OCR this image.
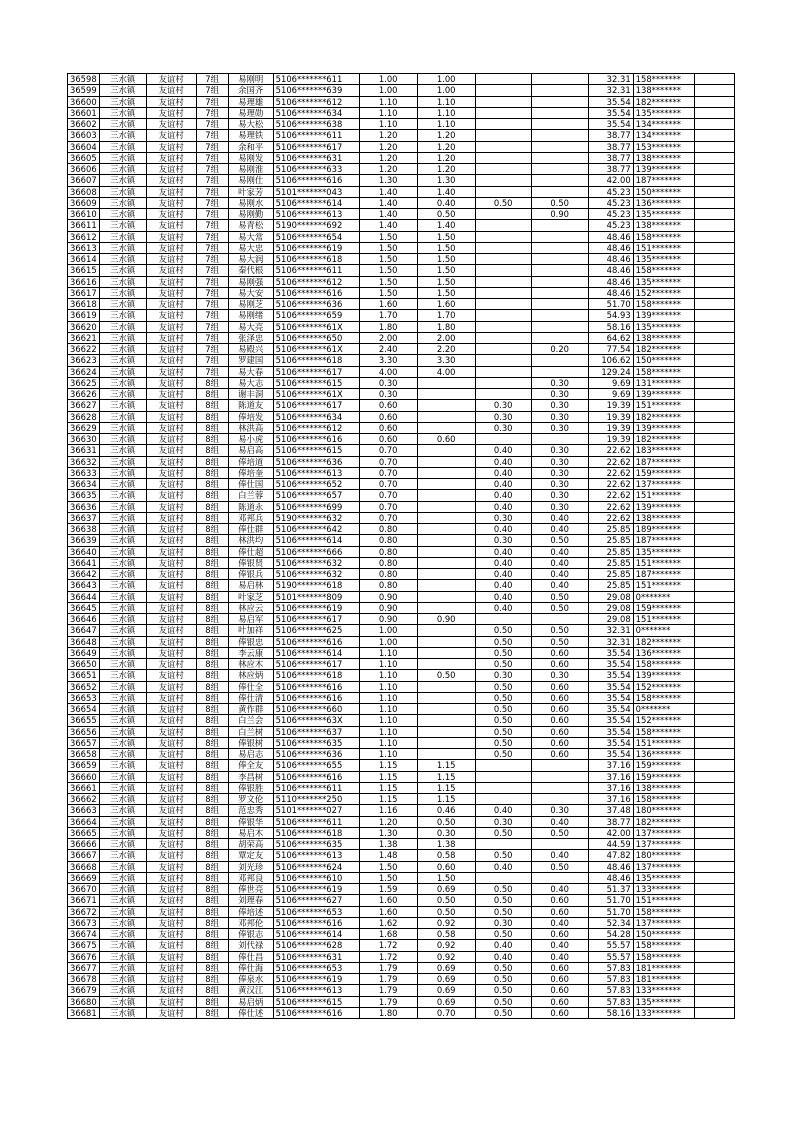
36598	三水镇	友谊村	7组	易刚明	5106*******611	1.00	1.00			32.31	158*******	
36599	三水镇	友谊村	7组	余国齐	5106*******639	1.00	1.00			32.31	138*******	
36600	三水镇	友谊村	7组	易理雄	5106*******612	1.10	1.10			35.54	182*******	
36601	三水镇	友谊村	7组	易理勋	5106*******634	1.10	1.10			35.54	135*******	
36602	三水镇	友谊村	7组	易大松	5106*******638	1.10	1.10			35.54	134*******	
36603	三水镇	友谊村	7组	易理铁	5106*******611	1.20	1.20			38.77	134*******	
36604	三水镇	友谊村	7组	余和平	5106*******617	1.20	1.20			38.77	153*******	
36605	三水镇	友谊村	7组	易刚发	5106*******631	1.20	1.20			38.77	138*******	
36606	三水镇	友谊村	7组	易刚淮	5106*******633	1.20	1.20			38.77	139*******	
36607	三水镇	友谊村	7组	易刚仕	5106*******616	1.30	1.30			42.00	187*******	
36608	三水镇	友谊村	7组	叶家芳	5101*******043	1.40	1.40			45.23	150*******	
36609	三水镇	友谊村	7组	易刚水	5106*******614	1.40	0.40	0.50	0.50	45.23	136*******	
36610	三水镇	友谊村	7组	易刚勤	5106*******613	1.40	0.50		0.90	45.23	135*******	
36611	三水镇	友谊村	7组	易青松	5190*******692	1.40	1.40			45.23	138*******	
36612	三水镇	友谊村	7组	易大常	5106*******654	1.50	1.50			48.46	158*******	
36613	三水镇	友谊村	7组	易大忠	5106*******619	1.50	1.50			48.46	151*******	
36614	三水镇	友谊村	7组	易大润	5106*******618	1.50	1.50			48.46	135*******	
36615	三水镇	友谊村	7组	秦代根	5106*******611	1.50	1.50			48.46	158*******	
36616	三水镇	友谊村	7组	易刚强	5106*******612	1.50	1.50			48.46	135*******	
36617	三水镇	友谊村	7组	易大安	5106*******616	1.50	1.50			48.46	152*******	
36618	三水镇	友谊村	7组	易刚芝	5106*******636	1.60	1.60			51.70	158*******	
36619	三水镇	友谊村	7组	易刚绪	5106*******659	1.70	1.70			54.93	139*******	
36620	三水镇	友谊村	7组	易大亮	5106*******61X	1.80	1.80			58.16	135*******	
36621	三水镇	友谊村	7组	张泽忠	5106*******650	2.00	2.00			64.62	138*******	
36622	三水镇	友谊村	7组	易殿兴	5106*******61X	2.40	2.20		0.20	77.54	182*******	
36623	三水镇	友谊村	7组	罗建国	5106*******618	3.30	3.30			106.62	150*******	
36624	三水镇	友谊村	7组	易大春	5106*******617	4.00	4.00			129.24	158*******	
36625	三水镇	友谊村	8组	易大志	5106*******615	0.30			0.30	9.69	131*******	
36626	三水镇	友谊村	8组	谢丰洞	5106*******61X	0.30			0.30	9.69	139*******	
36627	三水镇	友谊村	8组	陈道友	5106*******617	0.60		0.30	0.30	19.39	151*******	
36628	三水镇	友谊村	8组	俸培发	5106*******634	0.60		0.30	0.30	19.39	182*******	
36629	三水镇	友谊村	8组	林洪高	5106*******612	0.60		0.30	0.30	19.39	139*******	
36630	三水镇	友谊村	8组	易小虎	5106*******616	0.60	0.60			19.39	182*******	
36631	三水镇	友谊村	8组	易启高	5106*******615	0.70		0.40	0.30	22.62	183*******	
36632	三水镇	友谊村	8组	俸培道	5106*******636	0.70		0.40	0.30	22.62	187*******	
36633	三水镇	友谊村	8组	俸培奎	5106*******613	0.70		0.40	0.30	22.62	159*******	
36634	三水镇	友谊村	8组	俸仕国	5106*******652	0.70		0.40	0.30	22.62	137*******	
36635	三水镇	友谊村	8组	白兰蓉	5106*******657	0.70		0.40	0.30	22.62	151*******	
36636	三水镇	友谊村	8组	陈道永	5106*******699	0.70		0.40	0.30	22.62	139*******	
36637	三水镇	友谊村	8组	邓邦兵	5190*******632	0.70		0.30	0.40	22.62	138*******	
36638	三水镇	友谊村	8组	俸仕群	5106*******642	0.80		0.40	0.40	25.85	189*******	
36639	三水镇	友谊村	8组	林洪均	5106*******614	0.80		0.30	0.50	25.85	187*******	
36640	三水镇	友谊村	8组	俸仕超	5106*******666	0.80		0.40	0.40	25.85	135*******	
36641	三水镇	友谊村	8组	俸银贤	5106*******632	0.80		0.40	0.40	25.85	151*******	
36642	三水镇	友谊村	8组	俸银兵	5106*******632	0.80		0.40	0.40	25.85	187*******	
36643	三水镇	友谊村	8组	易启林	5190*******618	0.80		0.40	0.40	25.85	151*******	
36644	三水镇	友谊村	8组	叶家芝	5101*******809	0.90		0.40	0.50	29.08	0*******	
36645	三水镇	友谊村	8组	林应云	5106*******619	0.90		0.40	0.50	29.08	159*******	
36646	三水镇	友谊村	8组	易启军	5106*******617	0.90	0.90			29.08	151*******	
36647	三水镇	友谊村	8组	叶加祥	5106*******625	1.00		0.50	0.50	32.31	0*******	
36648	三水镇	友谊村	8组	俸银忠	5106*******616	1.00		0.50	0.50	32.31	182*******	
36649	三水镇	友谊村	8组	李云康	5106*******614	1.10		0.50	0.60	35.54	136*******	
36650	三水镇	友谊村	8组	林应木	5106*******617	1.10		0.50	0.60	35.54	158*******	
36651	三水镇	友谊村	8组	林应炳	5106*******618	1.10	0.50	0.30	0.30	35.54	139*******	
36652	三水镇	友谊村	8组	俸仕全	5106*******616	1.10		0.50	0.60	35.54	152*******	
36653	三水镇	友谊村	8组	俸仕清	5106*******616	1.10		0.50	0.60	35.54	158*******	
36654	三水镇	友谊村	8组	黄作群	5106*******660	1.10		0.50	0.60	35.54	0*******	
36655	三水镇	友谊村	8组	白兰会	5106*******63X	1.10		0.50	0.60	35.54	152*******	
36656	三水镇	友谊村	8组	白兰树	5106*******637	1.10		0.50	0.60	35.54	158*******	
36657	三水镇	友谊村	8组	俸银树	5106*******635	1.10		0.50	0.60	35.54	151*******	
36658	三水镇	友谊村	8组	易启志	5106*******636	1.10		0.50	0.60	35.54	136*******	
36659	三水镇	友谊村	8组	俸全友	5106*******655	1.15	1.15			37.16	159*******	
36660	三水镇	友谊村	8组	李昌树	5106*******616	1.15	1.15			37.16	159*******	
36661	三水镇	友谊村	8组	俸银胜	5106*******611	1.15	1.15			37.16	138*******	
36662	三水镇	友谊村	8组	罗文伦	5110*******250	1.15	1.15			37.16	158*******	
36663	三水镇	友谊村	8组	范忠秀	5101*******027	1.16	0.46	0.40	0.30	37.48	180*******	
36664	三水镇	友谊村	8组	俸银华	5106*******611	1.20	0.50	0.30	0.40	38.77	182*******	
36665	三水镇	友谊村	8组	易启木	5106*******618	1.30	0.30	0.50	0.50	42.00	137*******	
36666	三水镇	友谊村	8组	胡荣高	5106*******635	1.38	1.38			44.59	137*******	
36667	三水镇	友谊村	8组	覃定友	5106*******613	1.48	0.58	0.50	0.40	47.82	180*******	
36668	三水镇	友谊村	8组	刘光珍	5106*******624	1.50	0.60	0.40	0.50	48.46	137*******	
36669	三水镇	友谊村	8组	邓邦良	5106*******610	1.50	1.50			48.46	135*******	
36670	三水镇	友谊村	8组	俸世亮	5106*******619	1.59	0.69	0.50	0.40	51.37	133*******	
36671	三水镇	友谊村	8组	刘理春	5106*******627	1.60	0.50	0.50	0.60	51.70	151*******	
36672	三水镇	友谊村	8组	俸培述	5106*******653	1.60	0.50	0.50	0.60	51.70	158*******	
36673	三水镇	友谊村	8组	邓邦伦	5106*******616	1.62	0.92	0.30	0.40	52.34	137*******	
36674	三水镇	友谊村	8组	俸银志	5106*******614	1.68	0.58	0.50	0.60	54.28	150*******	
36675	三水镇	友谊村	8组	刘代禄	5106*******628	1.72	0.92	0.40	0.40	55.57	158*******	
36676	三水镇	友谊村	8组	俸仕昌	5106*******631	1.72	0.92	0.40	0.40	55.57	158*******	
36677	三水镇	友谊村	8组	俸仕海	5106*******653	1.79	0.69	0.50	0.60	57.83	181*******	
36678	三水镇	友谊村	8组	俸泉水	5106*******619	1.79	0.69	0.50	0.60	57.83	181*******	
36679	三水镇	友谊村	8组	黄汉江	5106*******613	1.79	0.69	0.50	0.60	57.83	133*******	
36680	三水镇	友谊村	8组	易启炳	5106*******615	1.79	0.69	0.50	0.60	57.83	135*******	
36681	三水镇	友谊村	8组	俸仕述	5106*******616	1.80	0.70	0.50	0.60	58.16	133*******	
